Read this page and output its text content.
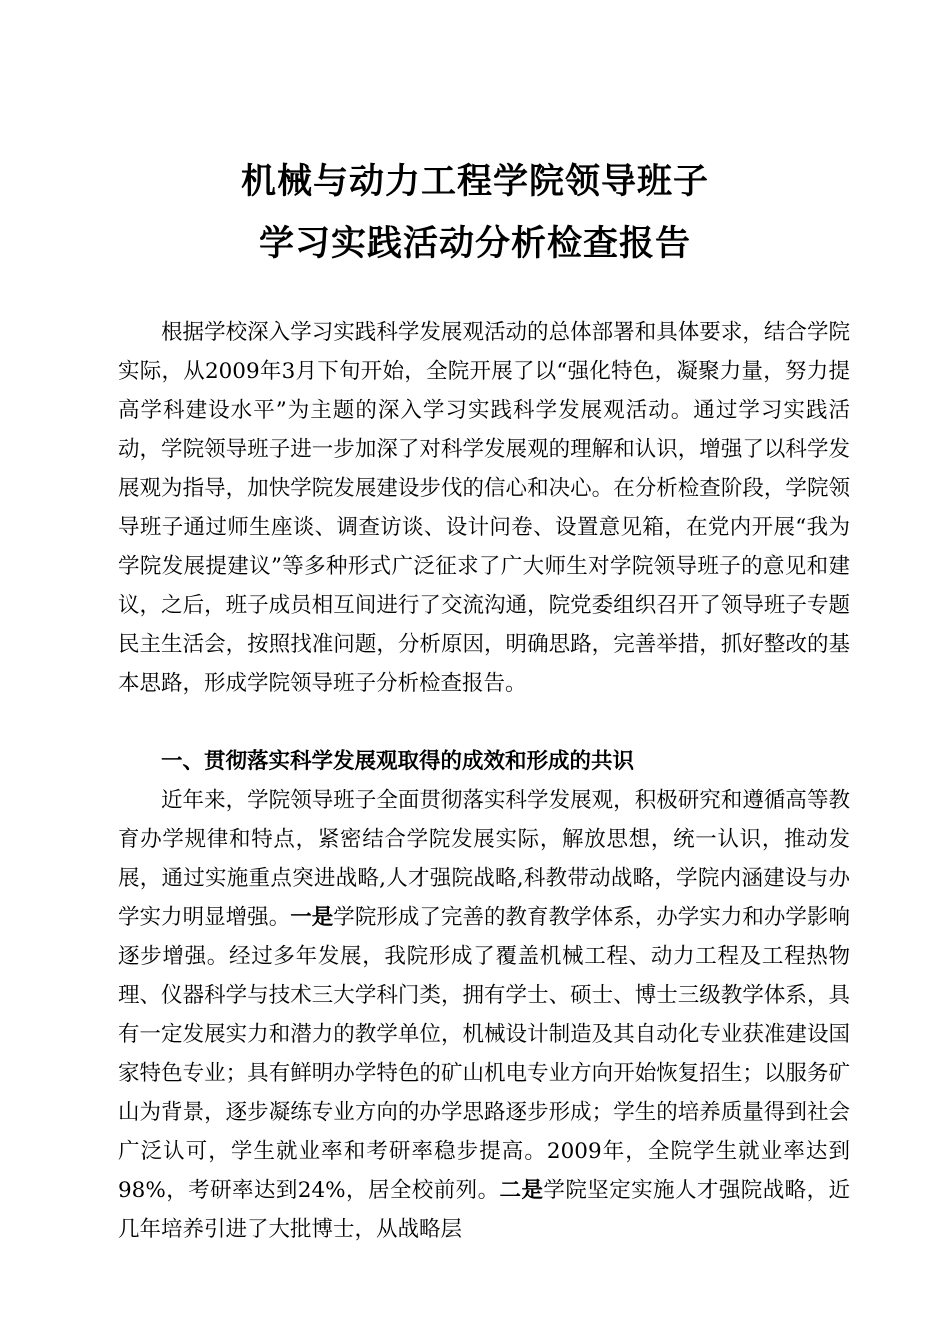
机械与动力工程学院领导班子
学习实践活动分析检查报告
根据学校深入学习实践科学发展观活动的总体部署和具体要求，结合学院实际，从2009年3月下旬开始，全院开展了以“强化特色，凝聚力量，努力提高学科建设水平”为主题的深入学习实践科学发展观活动。通过学习实践活动，学院领导班子进一步加深了对科学发展观的理解和认识，增强了以科学发展观为指导，加快学院发展建设步伐的信心和决心。在分析检查阶段，学院领导班子通过师生座谈、调查访谈、设计问卷、设置意见箱，在党内开展“我为学院发展提建议”等多种形式广泛征求了广大师生对学院领导班子的意见和建议，之后，班子成员相互间进行了交流沟通，院党委组织召开了领导班子专题民主生活会，按照找准问题，分析原因，明确思路，完善举措，抓好整改的基本思路，形成学院领导班子分析检查报告。
一、贯彻落实科学发展观取得的成效和形成的共识
近年来，学院领导班子全面贯彻落实科学发展观，积极研究和遵循高等教育办学规律和特点，紧密结合学院发展实际，解放思想，统一认识，推动发展，通过实施重点突进战略,人才强院战略,科教带动战略，学院内涵建设与办学实力明显增强。一是学院形成了完善的教育教学体系，办学实力和办学影响逐步增强。经过多年发展，我院形成了覆盖机械工程、动力工程及工程热物理、仪器科学与技术三大学科门类，拥有学士、硕士、博士三级教学体系，具有一定发展实力和潜力的教学单位，机械设计制造及其自动化专业获准建设国家特色专业；具有鲜明办学特色的矿山机电专业方向开始恢复招生；以服务矿山为背景，逐步凝练专业方向的办学思路逐步形成；学生的培养质量得到社会广泛认可，学生就业率和考研率稳步提高。2009年，全院学生就业率达到98%，考研率达到24%，居全校前列。二是学院坚定实施人才强院战略，近几年培养引进了大批博士，从战略层
